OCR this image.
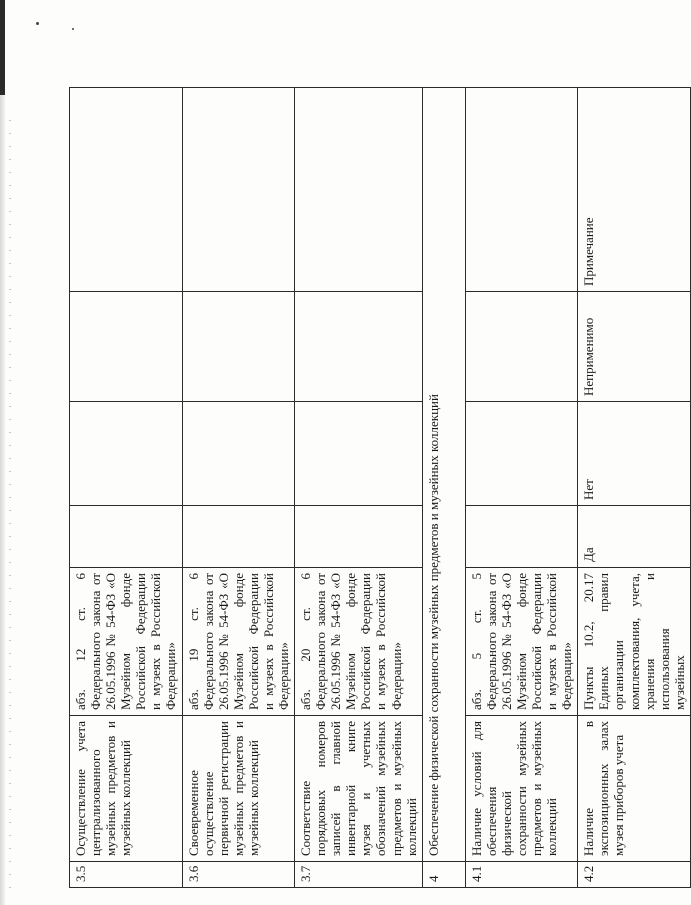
3.5	Осуществление учета централизованного музейных предметов и музейных коллекций	абз. 12 ст. 6 Федерального закона от 26.05.1996 № 54-ФЗ «О Музейном фонде Российской Федерации и музеях в Российской Федерации»				
3.6	Своевременное осуществление первичной регистрации музейных предметов и музейных коллекций	абз. 19 ст. 6 Федерального закона от 26.05.1996 № 54-ФЗ «О Музейном фонде Российской Федерации и музеях в Российской Федерации»				
3.7	Соответствие порядковых номеров записей в главной инвентарной книге музея и учетных обозначений музейных предметов и музейных коллекций	абз. 20 ст. 6 Федерального закона от 26.05.1996 № 54-ФЗ «О Музейном фонде Российской Федерации и музеях в Российской Федерации»				
4	Обеспечение физической сохранности музейных предметов и музейных коллекций					
4.1	Наличие условий для обеспечения физической сохранности музейных предметов и музейных коллекций	абз. 5 ст. 5 Федерального закона от 26.05.1996 № 54-ФЗ «О Музейном фонде Российской Федерации и музеях в Российской Федерации»				
4.2	Наличие в экспозиционных залах музея приборов учета	Пункты 10.2, 20.17 Единых правил организации комплектования, учета, хранения и использования музейных	Да	Нет	Неприменимо	Примечание
